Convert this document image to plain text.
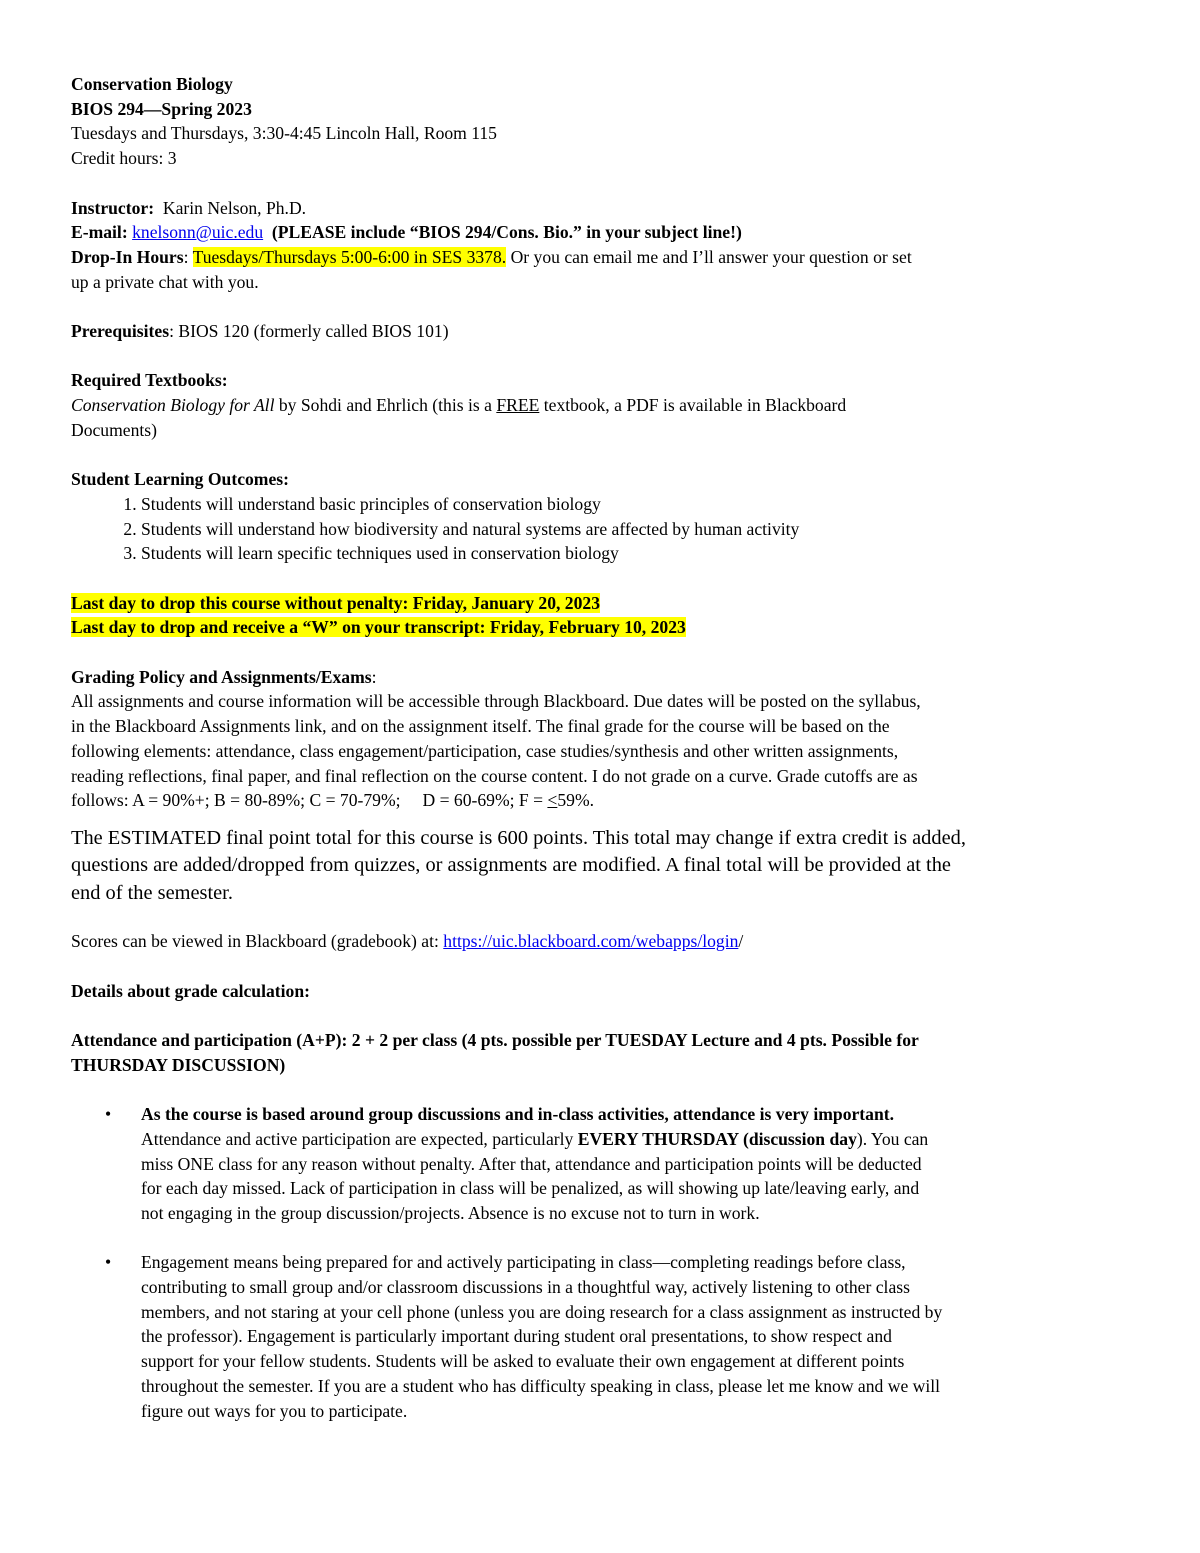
Conservation Biology
BIOS 294—Spring 2023
Tuesdays and Thursdays, 3:30-4:45 Lincoln Hall, Room 115
Credit hours: 3
Instructor: Karin Nelson, Ph.D.
E-mail: knelsonn@uic.edu (PLEASE include “BIOS 294/Cons. Bio.” in your subject line!)
Drop-In Hours: Tuesdays/Thursdays 5:00-6:00 in SES 3378. Or you can email me and I’ll answer your question or set
up a private chat with you.
Prerequisites: BIOS 120 (formerly called BIOS 101)
Required Textbooks:
Conservation Biology for All by Sohdi and Ehrlich (this is a FREE textbook, a PDF is available in Blackboard
Documents)
Student Learning Outcomes:
1. Students will understand basic principles of conservation biology
2. Students will understand how biodiversity and natural systems are affected by human activity
3. Students will learn specific techniques used in conservation biology
Last day to drop this course without penalty: Friday, January 20, 2023
Last day to drop and receive a “W” on your transcript: Friday, February 10, 2023
Grading Policy and Assignments/Exams:
All assignments and course information will be accessible through Blackboard. Due dates will be posted on the syllabus,
in the Blackboard Assignments link, and on the assignment itself. The final grade for the course will be based on the
following elements: attendance, class engagement/participation, case studies/synthesis and other written assignments,
reading reflections, final paper, and final reflection on the course content. I do not grade on a curve. Grade cutoffs are as
follows: A = 90%+; B = 80-89%; C = 70-79%;     D = 60-69%; F = ≤59%.
The ESTIMATED final point total for this course is 600 points. This total may change if extra credit is added,
questions are added/dropped from quizzes, or assignments are modified. A final total will be provided at the
end of the semester.
Scores can be viewed in Blackboard (gradebook) at: https://uic.blackboard.com/webapps/login/
Details about grade calculation:
Attendance and participation (A+P): 2 + 2 per class (4 pts. possible per TUESDAY Lecture and 4 pts. Possible for
THURSDAY DISCUSSION)
• As the course is based around group discussions and in-class activities, attendance is very important.
Attendance and active participation are expected, particularly EVERY THURSDAY (discussion day). You can
miss ONE class for any reason without penalty. After that, attendance and participation points will be deducted
for each day missed. Lack of participation in class will be penalized, as will showing up late/leaving early, and
not engaging in the group discussion/projects. Absence is no excuse not to turn in work.
• Engagement means being prepared for and actively participating in class—completing readings before class,
contributing to small group and/or classroom discussions in a thoughtful way, actively listening to other class
members, and not staring at your cell phone (unless you are doing research for a class assignment as instructed by
the professor). Engagement is particularly important during student oral presentations, to show respect and
support for your fellow students. Students will be asked to evaluate their own engagement at different points
throughout the semester. If you are a student who has difficulty speaking in class, please let me know and we will
figure out ways for you to participate.
